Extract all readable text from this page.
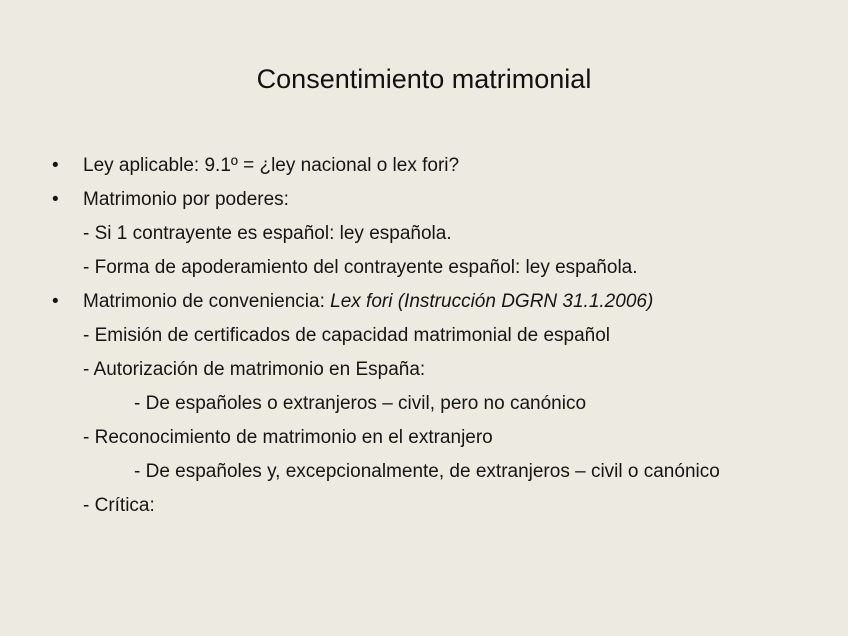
Consentimiento matrimonial
• Ley aplicable: 9.1º = ¿ley nacional o lex fori?
• Matrimonio por poderes:
- Si 1 contrayente es español: ley española.
- Forma de apoderamiento del contrayente español: ley española.
• Matrimonio de conveniencia: Lex fori (Instrucción DGRN 31.1.2006)
- Emisión de certificados de capacidad matrimonial de español
- Autorización de matrimonio en España:
- De españoles o extranjeros – civil, pero no canónico
- Reconocimiento de matrimonio en el extranjero
- De españoles y, excepcionalmente, de extranjeros – civil o canónico
- Crítica:
